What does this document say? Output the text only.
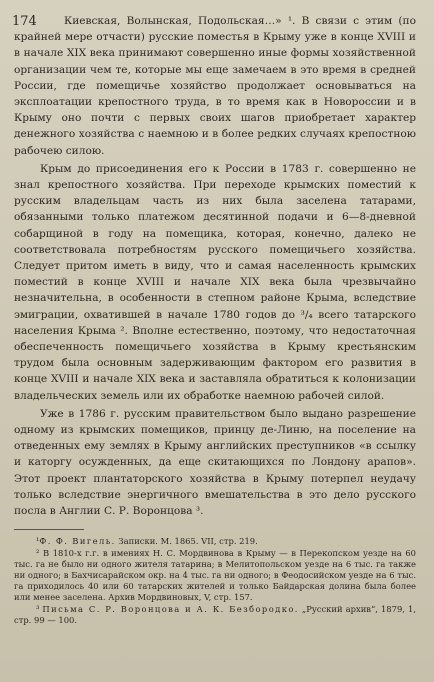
174	Киевская, Волынская, Подольская…» ¹. В связи с этим (по крайней мере отчасти) русские поместья в Крыму уже в конце XVIII и в начале XIX века принимают совершенно иные формы хозяйственной организации чем те, которые мы еще замечаем в это время в средней России, где помещичье хозяйство продолжает основываться на эксплоатации крепостного труда, в то время как в Новороссии и в Крыму оно почти с первых своих шагов приобретает характер денежного хозяйства с наемною и в более редких случаях крепостною рабочею силою.

Крым до присоединения его к России в 1783 г. совершенно не знал крепостного хозяйства. При переходе крымских поместий к русским владельцам часть из них была заселена татарами, обязанными только платежом десятинной подачи и 6—8-дневной собарщиной в году на помещика, которая, конечно, далеко не соответствовала потребностям русского помещичьего хозяйства. Следует притом иметь в виду, что и самая населенность крымских поместий в конце XVIII и начале XIX века была чрезвычайно незначительна, в особенности в степном районе Крыма, вследствие эмиграции, охватившей в начале 1780 годов до ³/₄ всего татарского населения Крыма ². Вполне естественно, поэтому, что недостаточная обеспеченность помещичьего хозяйства в Крыму крестьянским трудом была основным задерживающим фактором его развития в конце XVIII и начале XIX века и заставляла обратиться к колонизации владельческих земель или их обработке наемною рабочей силой.

Уже в 1786 г. русским правительством было выдано разрешение одному из крымских помещиков, принцу де-Линю, на поселение на отведенных ему землях в Крыму английских преступников «в ссылку и каторгу осужденных, да еще скитающихся по Лондону арапов». Этот проект плантаторского хозяйства в Крыму потерпел неудачу только вследствие энергичного вмешательства в это дело русского посла в Англии С. Р. Воронцова ³.

¹Ф. Ф. Вигель. Записки. М. 1865. VII, стр. 219.

² В 1810-х г.г. в имениях Н. С. Мордвинова в Крыму — в Перекопском уезде на 60 тыс. га не было ни одного жителя татарина; в Мелитопольском уезде на 6 тыс. га также ни одного; в Бахчисарайском окр. на 4 тыс. га ни одного; в Феодосийском уезде на 6 тыс. га приходилось 40 или 60 татарских жителей и только Байдарская долина была более или менее заселена. Архив Мордвиновых, V, стр. 157.

³ Письма С. Р. Воронцова и А. К. Безбородко. „Русский архив“, 1879, 1, стр. 99 — 100.
